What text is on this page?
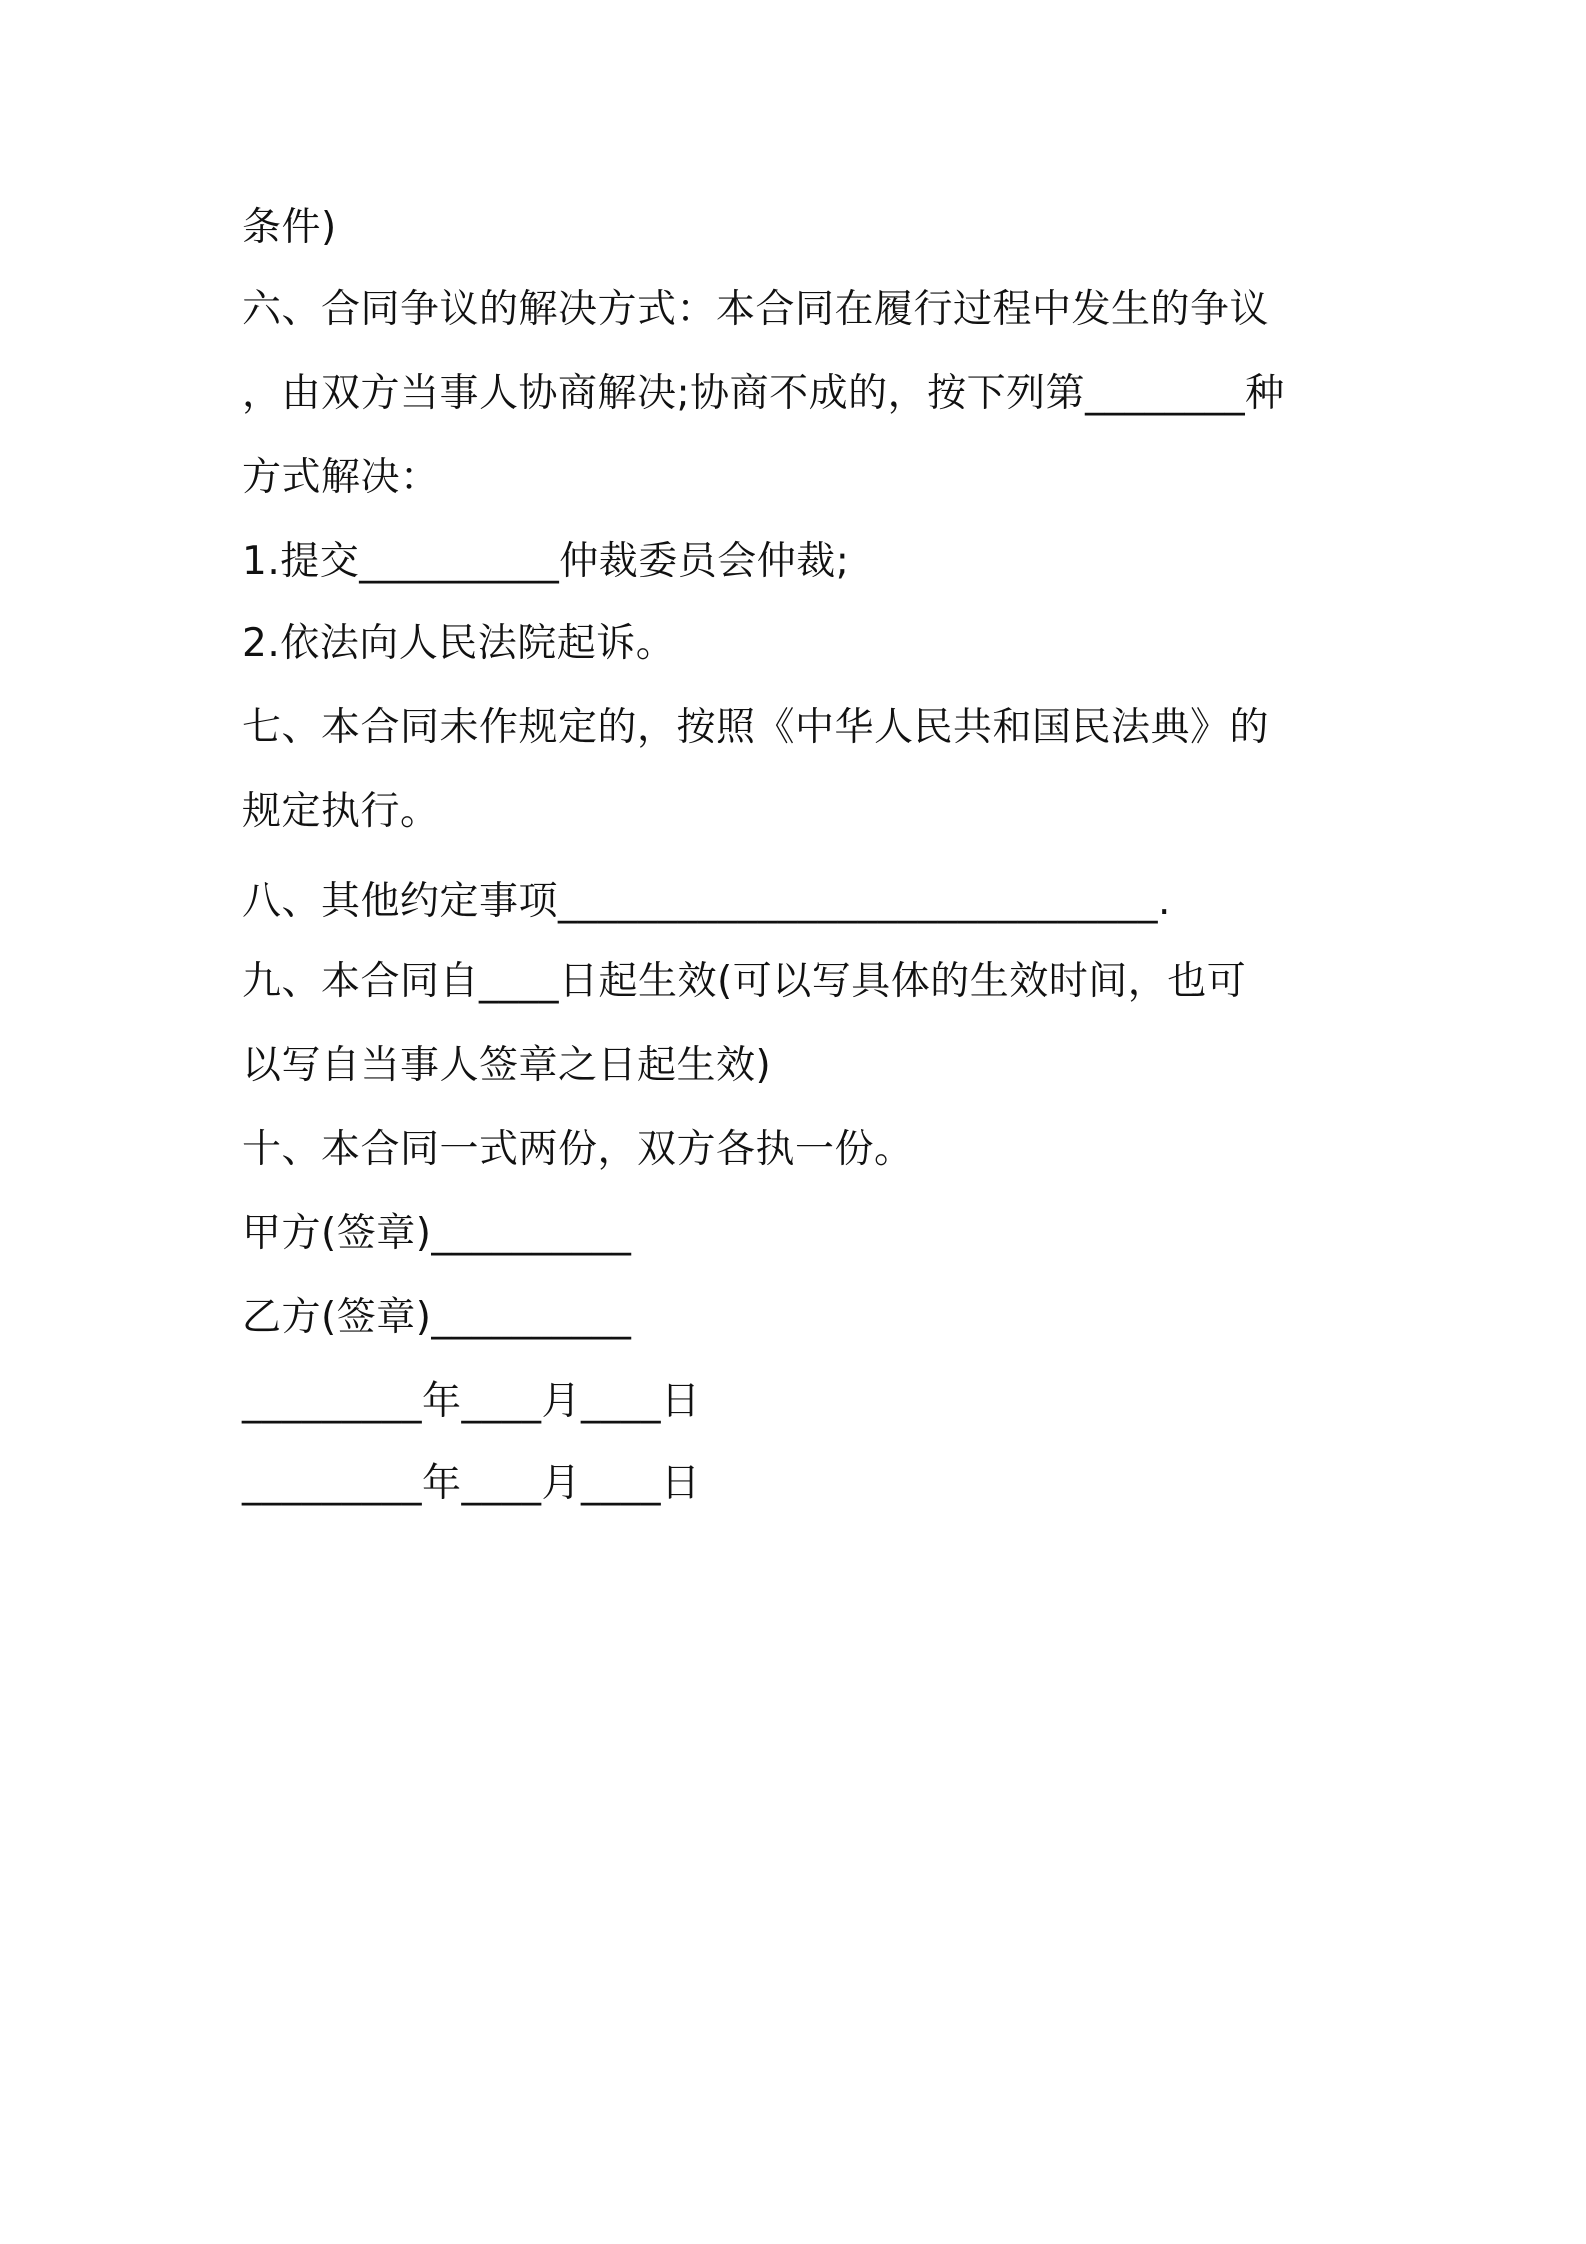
条件)
六、合同争议的解决方式：本合同在履行过程中发生的争议
，由双方当事人协商解决;协商不成的，按下列第________种
方式解决：
1.提交__________仲裁委员会仲裁;
2.依法向人民法院起诉。
七、本合同未作规定的，按照《中华人民共和国民法典》的
规定执行。
八、其他约定事项______________________________.
九、本合同自____日起生效(可以写具体的生效时间，也可
以写自当事人签章之日起生效)
十、本合同一式两份，双方各执一份。
甲方(签章)__________
乙方(签章)__________
_________年____月____日
_________年____月____日
